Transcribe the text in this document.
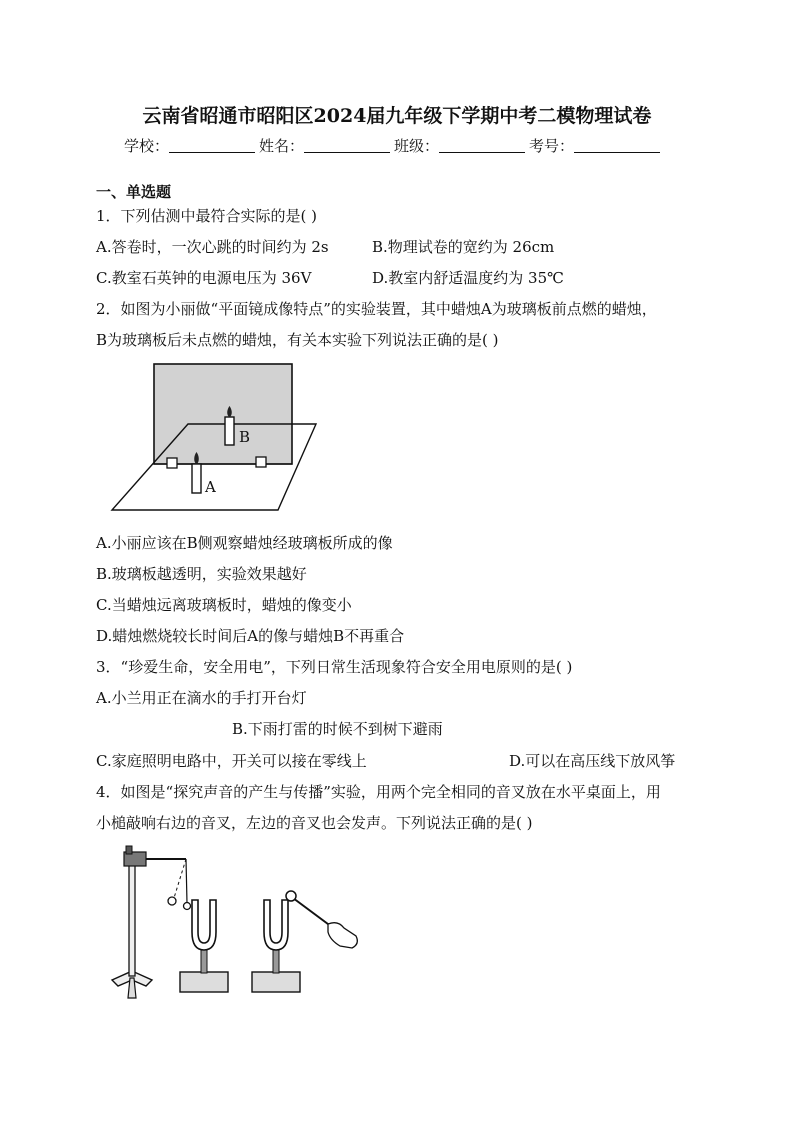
云南省昭通市昭阳区2024届九年级下学期中考二模物理试卷
学校：	姓名：	班级：	考号：
一、单选题
1．下列估测中最符合实际的是( )
A.答卷时，一次心跳的时间约为 2s	B.物理试卷的宽约为 26cm
C.教室石英钟的电源电压为 36V	D.教室内舒适温度约为 35℃
2．如图为小丽做“平面镜成像特点”的实验装置，其中蜡烛A为玻璃板前点燃的蜡烛，
B为玻璃板后未点燃的蜡烛，有关本实验下列说法正确的是( )
B
A
A.小丽应该在B侧观察蜡烛经玻璃板所成的像
B.玻璃板越透明，实验效果越好
C.当蜡烛远离玻璃板时，蜡烛的像变小
D.蜡烛燃烧较长时间后A的像与蜡烛B不再重合
3．“珍爱生命，安全用电”，下列日常生活现象符合安全用电原则的是( )
A.小兰用正在滴水的手打开台灯
B.下雨打雷的时候不到树下避雨
C.家庭照明电路中，开关可以接在零线上	D.可以在高压线下放风筝
4．如图是“探究声音的产生与传播”实验，用两个完全相同的音叉放在水平桌面上，用
小槌敲响右边的音叉，左边的音叉也会发声。下列说法正确的是( )
